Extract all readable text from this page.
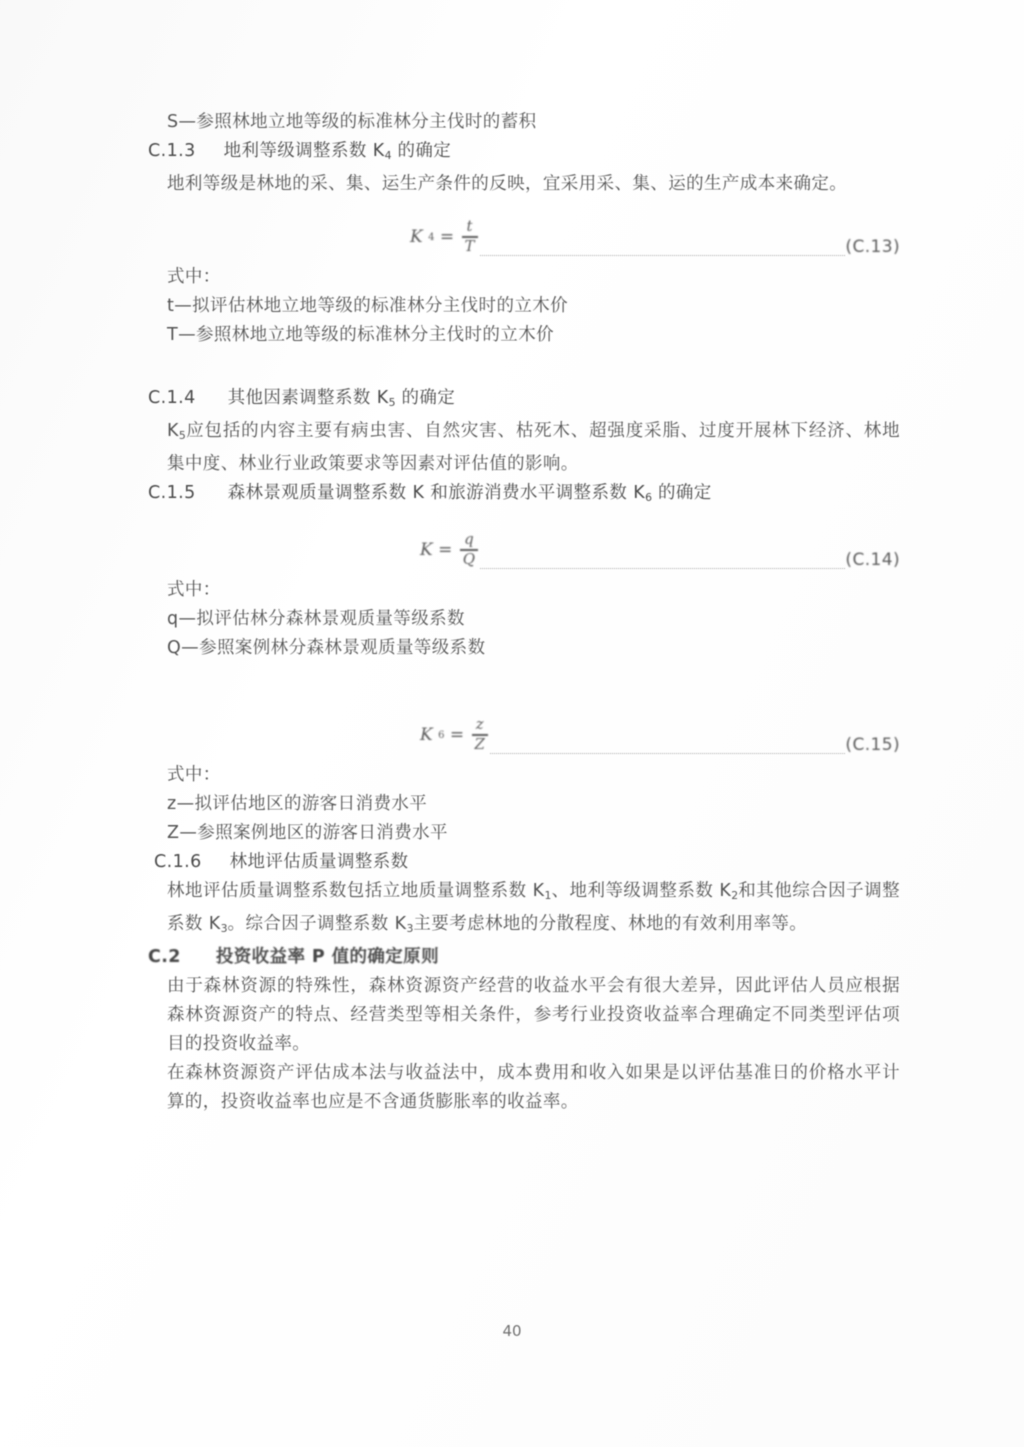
S—参照林地立地等级的标准林分主伐时的蓄积
C.1.3 地利等级调整系数 $K_4$ 的确定
地利等级是林地的采、集、运生产条件的反映，宜采用采、集、运的生产成本来确定。
K $4 = \frac{t}{T}$	(C.13)
式中：
t—拟评估林地立地等级的标准林分主伐时的立木价
T—参照林地立地等级的标准林分主伐时的立木价
C.1.4 其他因素调整系数 $K_5$ 的确定
$K_5$应包括的内容主要有病虫害、自然灾害、枯死木、超强度采脂、过度开展林下经济、林地集中度、林业行业政策要求等因素对评估值的影响。
C.1.5 森林景观质量调整系数 K 和旅游消费水平调整系数 $K_6$ 的确定
$K = \frac{q}{Q}$	(C.14)
式中：
q—拟评估林分森林景观质量等级系数
Q—参照案例林分森林景观质量等级系数
K $6 = \frac{z}{Z}$	(C.15)
式中：
z—拟评估地区的游客日消费水平
Z—参照案例地区的游客日消费水平
C.1.6 林地评估质量调整系数
林地评估质量调整系数包括立地质量调整系数 $K_1$、地利等级调整系数 $K_2$和其他综合因子调整系数 $K_3$。综合因子调整系数 $K_3$主要考虑林地的分散程度、林地的有效利用率等。
C.2 投资收益率 P 值的确定原则
由于森林资源的特殊性，森林资源资产经营的收益水平会有很大差异，因此评估人员应根据森林资源资产的特点、经营类型等相关条件，参考行业投资收益率合理确定不同类型评估项目的投资收益率。
在森林资源资产评估成本法与收益法中，成本费用和收入如果是以评估基准日的价格水平计算的，投资收益率也应是不含通货膨胀率的收益率。
40
